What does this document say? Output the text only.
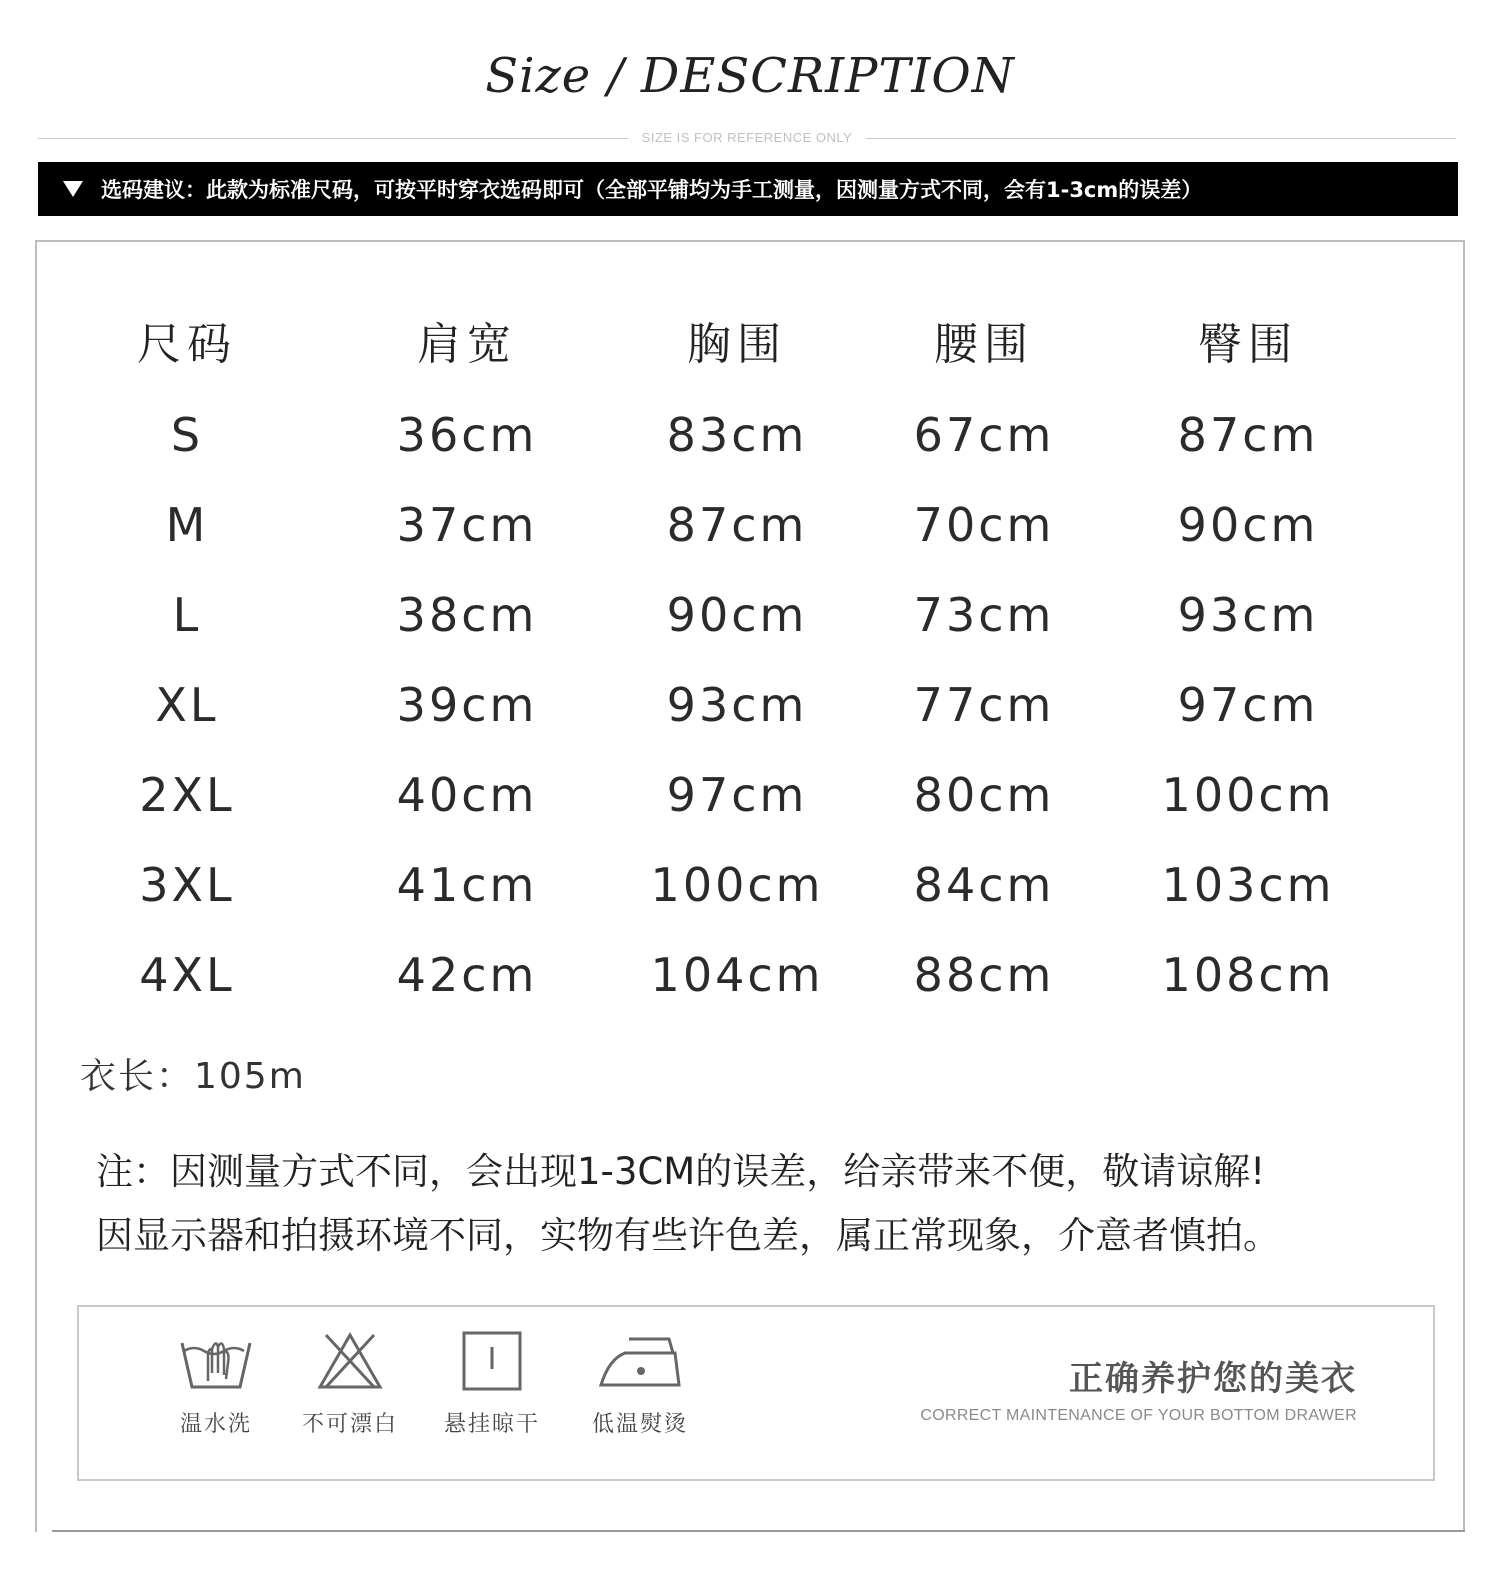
Size / DESCRIPTION
SIZE IS FOR REFERENCE ONLY
选码建议：此款为标准尺码，可按平时穿衣选码即可（全部平铺均为手工测量，因测量方式不同，会有1-3cm的误差）
尺码	肩宽	胸围	腰围	臀围
S	36cm	83cm	67cm	87cm
M	37cm	87cm	70cm	90cm
L	38cm	90cm	73cm	93cm
XL	39cm	93cm	77cm	97cm
2XL	40cm	97cm	80cm	100cm
3XL	41cm	100cm	84cm	103cm
4XL	42cm	104cm	88cm	108cm
衣长：105m
注：因测量方式不同，会出现1-3CM的误差，给亲带来不便，敬请谅解!
因显示器和拍摄环境不同，实物有些许色差，属正常现象，介意者慎拍。
温水洗	不可漂白	悬挂晾干	低温熨烫
正确养护您的美衣
CORRECT MAINTENANCE OF YOUR BOTTOM DRAWER
